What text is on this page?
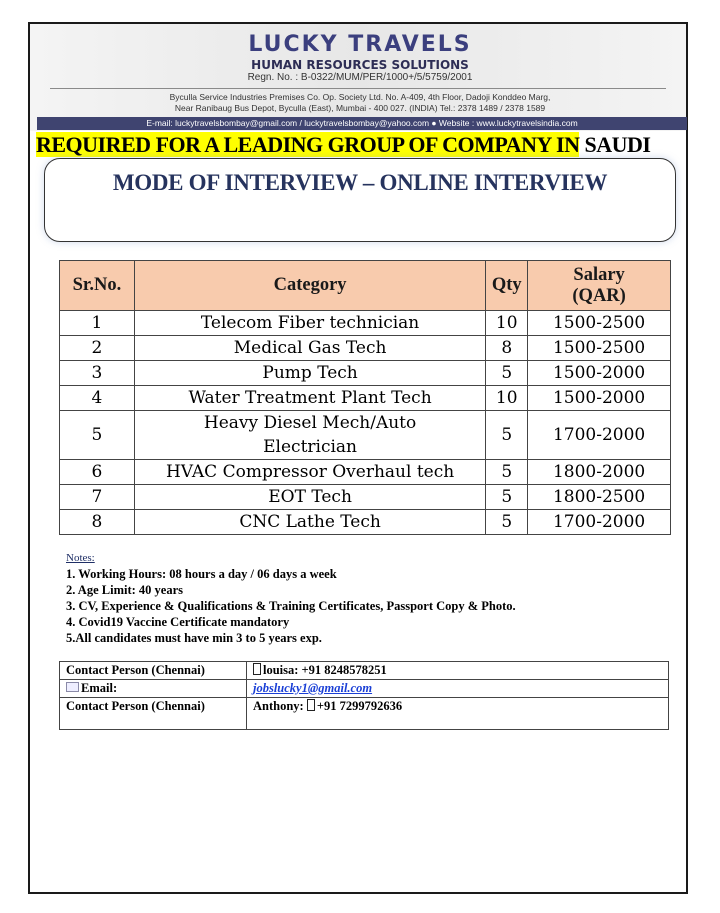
LUCKY TRAVELS
HUMAN RESOURCES SOLUTIONS
Regn. No. : B-0322/MUM/PER/1000+/5/5759/2001
Byculla Service Industries Premises Co. Op. Society Ltd. No. A-409, 4th Floor, Dadoji Konddeo Marg,
Near Ranibaug Bus Depot, Byculla (East), Mumbai - 400 027. (INDIA) Tel.: 2378 1489 / 2378 1589
E-mail: luckytravelsbombay@gmail.com / luckytravelsbombay@yahoo.com ● Website : www.luckytravelsindia.com
REQUIRED FOR A LEADING GROUP OF COMPANY IN SAUDI
MODE OF INTERVIEW – ONLINE INTERVIEW
Sr.No.	Category	Qty	Salary
(QAR)
1	Telecom Fiber technician	10	1500-2500
2	Medical Gas Tech	8	1500-2500
3	Pump Tech	5	1500-2000
4	Water Treatment Plant Tech	10	1500-2000
5	Heavy Diesel Mech/Auto
Electrician	5	1700-2000
6	HVAC Compressor Overhaul tech	5	1800-2000
7	EOT Tech	5	1800-2500
8	CNC Lathe Tech	5	1700-2000
Notes:
1. Working Hours: 08 hours a day / 06 days a week
2. Age Limit: 40 years
3. CV, Experience & Qualifications & Training Certificates, Passport Copy & Photo.
4. Covid19 Vaccine Certificate mandatory
5.All candidates must have min 3 to 5 years exp.
Contact Person (Chennai)	louisa: +91 8248578251
Email:	jobslucky1@gmail.com
Contact Person (Chennai)	Anthony: +91 7299792636
